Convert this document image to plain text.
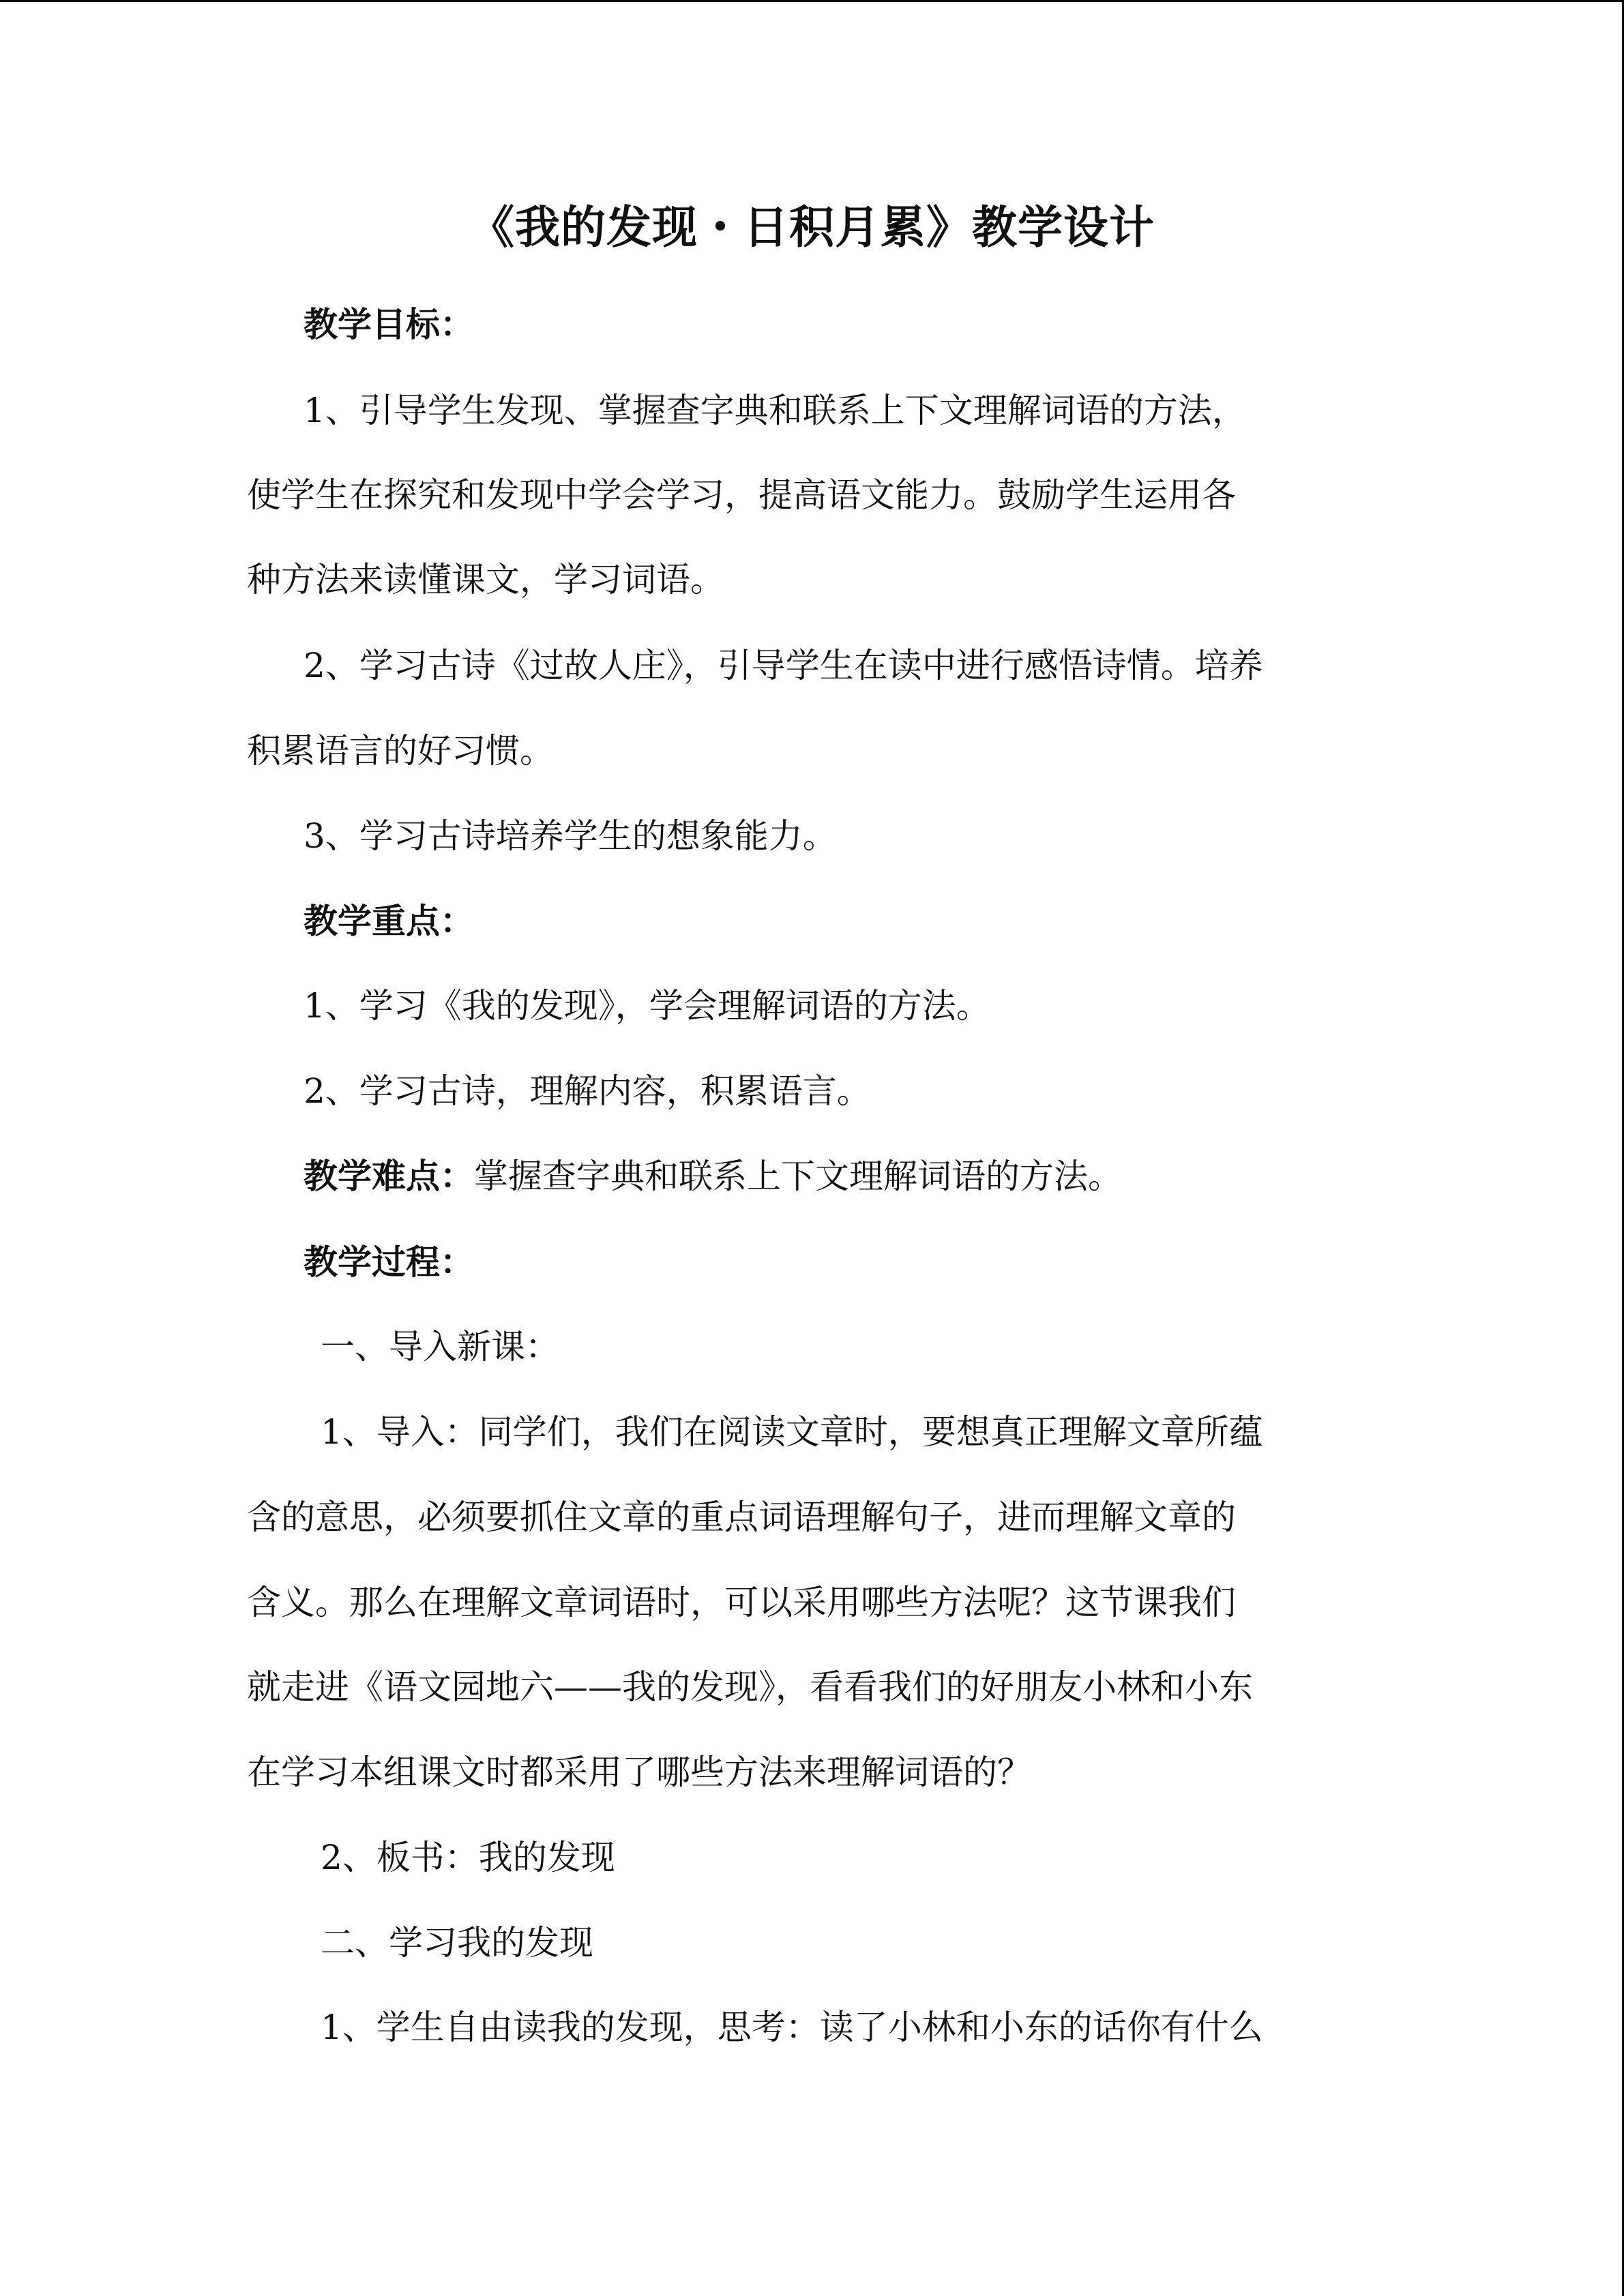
《我的发现・日积月累》教学设计
教学目标：
1、引导学生发现、掌握查字典和联系上下文理解词语的方法，
使学生在探究和发现中学会学习，提高语文能力。鼓励学生运用各
种方法来读懂课文，学习词语。
2、学习古诗《过故人庄》，引导学生在读中进行感悟诗情。培养
积累语言的好习惯。
3、学习古诗培养学生的想象能力。
教学重点：
1、学习《我的发现》，学会理解词语的方法。
2、学习古诗，理解内容，积累语言。
教学难点：掌握查字典和联系上下文理解词语的方法。
教学过程：
一、导入新课：
1、导入：同学们，我们在阅读文章时，要想真正理解文章所蕴
含的意思，必须要抓住文章的重点词语理解句子，进而理解文章的
含义。那么在理解文章词语时，可以采用哪些方法呢？这节课我们
就走进《语文园地六——我的发现》，看看我们的好朋友小林和小东
在学习本组课文时都采用了哪些方法来理解词语的？
2、板书：我的发现
二、学习我的发现
1、学生自由读我的发现，思考：读了小林和小东的话你有什么
